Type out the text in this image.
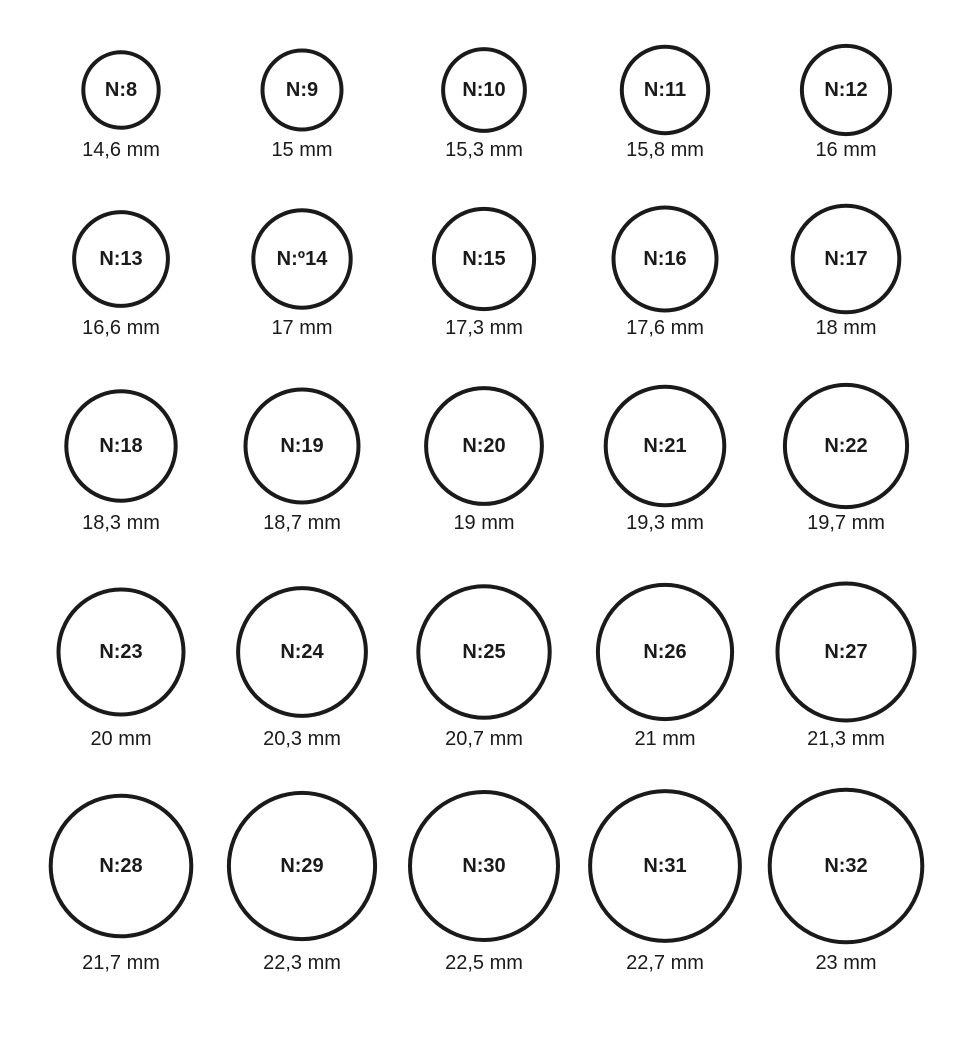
N:8
14,6 mm
N:9
15 mm
N:10
15,3 mm
N:11
15,8 mm
N:12
16 mm
N:13
16,6 mm
N:º14
17 mm
N:15
17,3 mm
N:16
17,6 mm
N:17
18 mm
N:18
18,3 mm
N:19
18,7 mm
N:20
19 mm
N:21
19,3 mm
N:22
19,7 mm
N:23
20 mm
N:24
20,3 mm
N:25
20,7 mm
N:26
21 mm
N:27
21,3 mm
N:28
21,7 mm
N:29
22,3 mm
N:30
22,5 mm
N:31
22,7 mm
N:32
23 mm
